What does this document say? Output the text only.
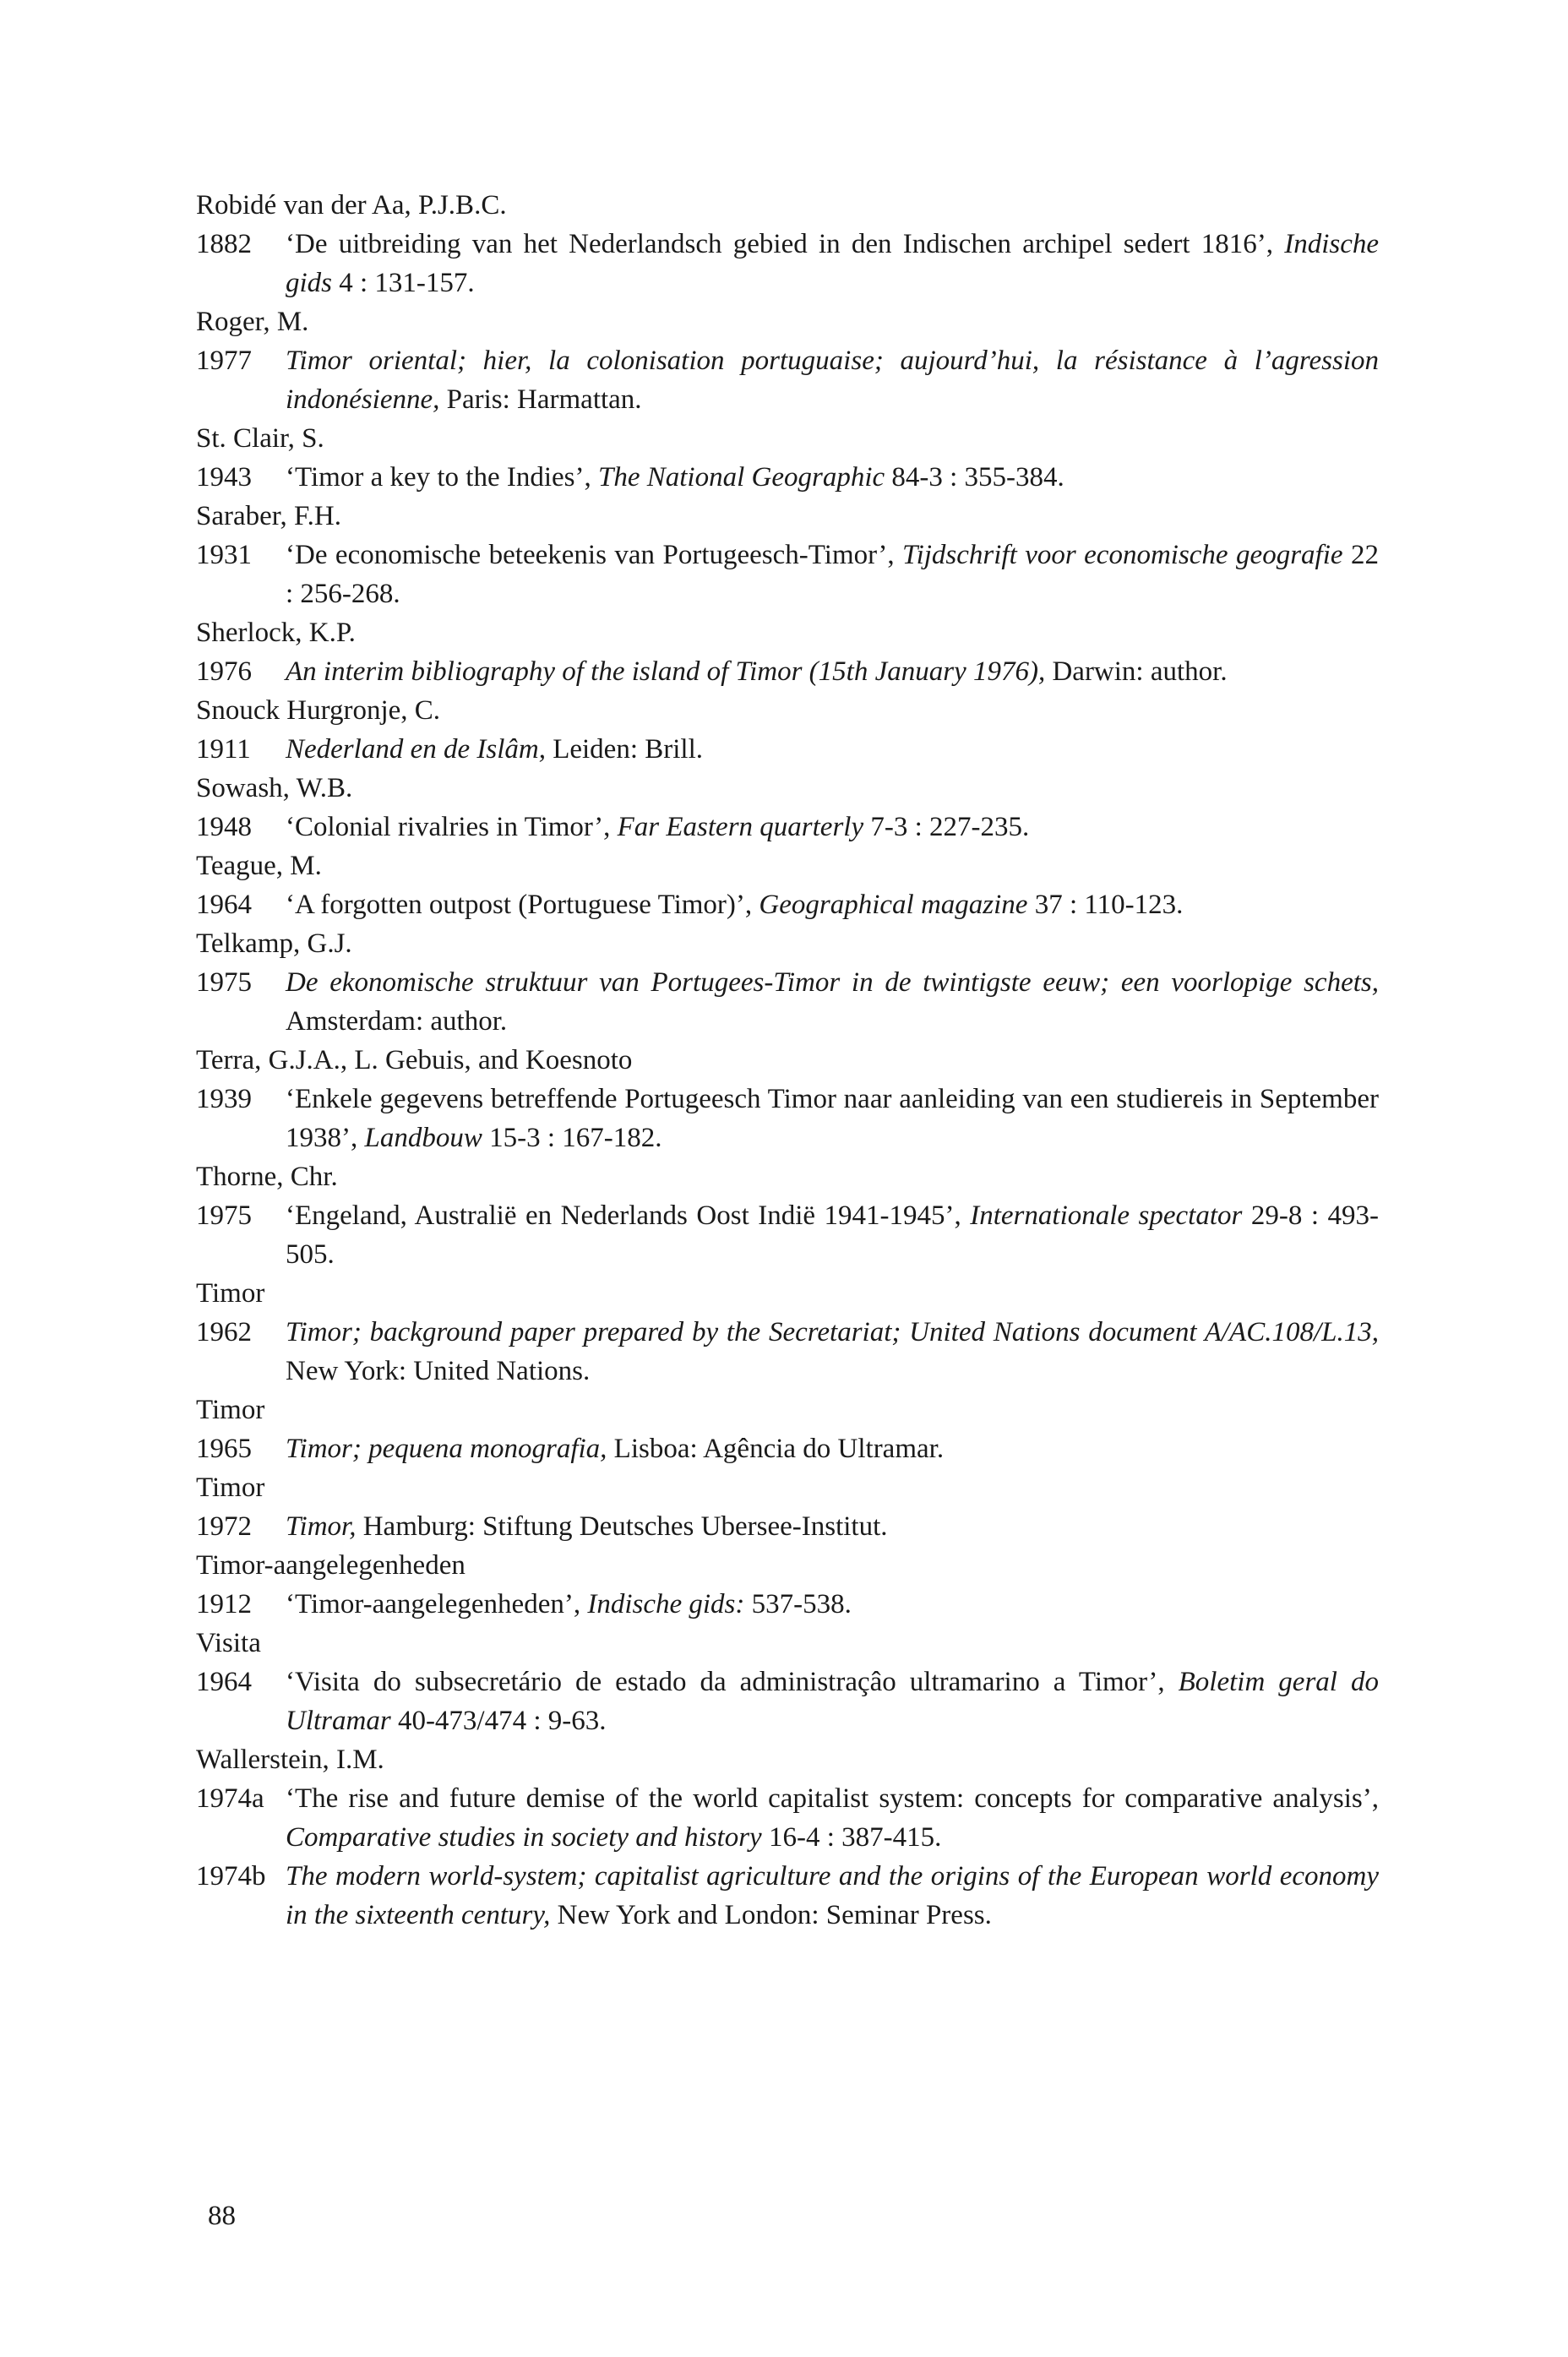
Robidé van der Aa, P.J.B.C.
1882 ‘De uitbreiding van het Nederlandsch gebied in den Indischen archipel sedert 1816’, Indische gids 4 : 131-157.
Roger, M.
1977 Timor oriental; hier, la colonisation portuguaise; aujourd’hui, la résistance à l’agression indonésienne, Paris: Harmattan.
St. Clair, S.
1943 ‘Timor a key to the Indies’, The National Geographic 84-3 : 355-384.
Saraber, F.H.
1931 ‘De economische beteekenis van Portugeesch-Timor’, Tijdschrift voor economische geografie 22 : 256-268.
Sherlock, K.P.
1976 An interim bibliography of the island of Timor (15th January 1976), Darwin: author.
Snouck Hurgronje, C.
1911 Nederland en de Islâm, Leiden: Brill.
Sowash, W.B.
1948 ‘Colonial rivalries in Timor’, Far Eastern quarterly 7-3 : 227-235.
Teague, M.
1964 ‘A forgotten outpost (Portuguese Timor)’, Geographical magazine 37 : 110-123.
Telkamp, G.J.
1975 De ekonomische struktuur van Portugees-Timor in de twintigste eeuw; een voorlopige schets, Amsterdam: author.
Terra, G.J.A., L. Gebuis, and Koesnoto
1939 ‘Enkele gegevens betreffende Portugeesch Timor naar aanleiding van een studiereis in September 1938’, Landbouw 15-3 : 167-182.
Thorne, Chr.
1975 ‘Engeland, Australië en Nederlands Oost Indië 1941-1945’, Internationale spectator 29-8 : 493-505.
Timor
1962 Timor; background paper prepared by the Secretariat; United Nations document A/AC.108/L.13, New York: United Nations.
Timor
1965 Timor; pequena monografia, Lisboa: Agência do Ultramar.
Timor
1972 Timor, Hamburg: Stiftung Deutsches Ubersee-Institut.
Timor-aangelegenheden
1912 ‘Timor-aangelegenheden’, Indische gids: 537-538.
Visita
1964 ‘Visita do subsecretário de estado da administraçâo ultramarino a Timor’, Boletim geral do Ultramar 40-473/474 : 9-63.
Wallerstein, I.M.
1974a ‘The rise and future demise of the world capitalist system: concepts for comparative analysis’, Comparative studies in society and history 16-4 : 387-415.
1974b The modern world-system; capitalist agriculture and the origins of the European world economy in the sixteenth century, New York and London: Seminar Press.
88
